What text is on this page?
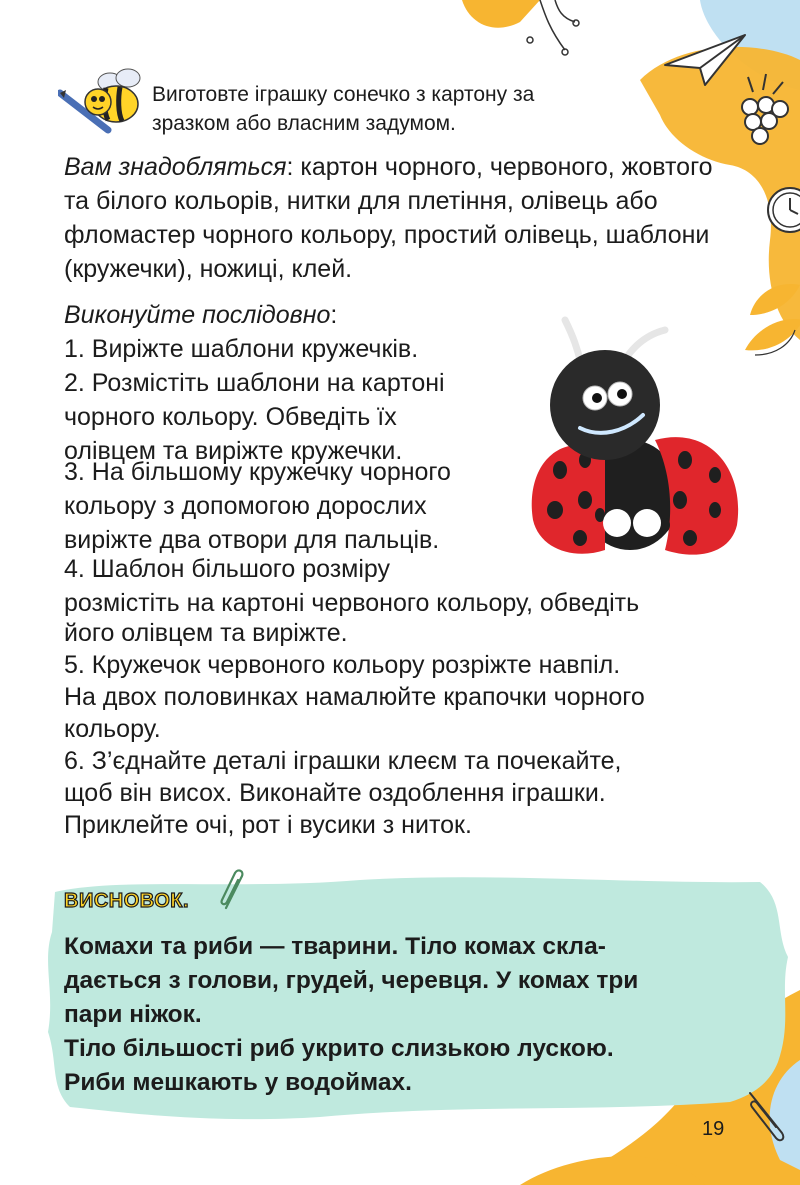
Виготовте іграшку сонечко з картону за
зразком або власним задумом.
Вам знадобляться: картон чорного, червоного, жовтого та білого кольорів, нитки для плетіння, олівець або фломастер чорного кольору, простий олівець, шаблони (кружечки), ножиці, клей.
Виконуйте послідовно:
1. Виріжте шаблони кружечків.
2. Розмістіть шаблони на картоні
чорного кольору. Обведіть їх
олівцем та виріжте кружечки.
3. На більшому кружечку чорного
кольору з допомогою дорослих
виріжте два отвори для пальців.
4. Шаблон більшого розміру
розмістіть на картоні червоного кольору, обведіть
його олівцем та виріжте.
5. Кружечок червоного кольору розріжте навпіл.
На двох половинках намалюйте крапочки чорного
кольору.
6. З’єднайте деталі іграшки клеєм та почекайте,
щоб він висох. Виконайте оздоблення іграшки.
Приклейте очі, рот і вусики з ниток.
ВИСНОВОК.
Комахи та риби — тварини. Тіло комах скла-
дається з голови, грудей, черевця. У комах три
пари ніжок.
Тіло більшості риб укрито слизькою лускою.
Риби мешкають у водоймах.
19
